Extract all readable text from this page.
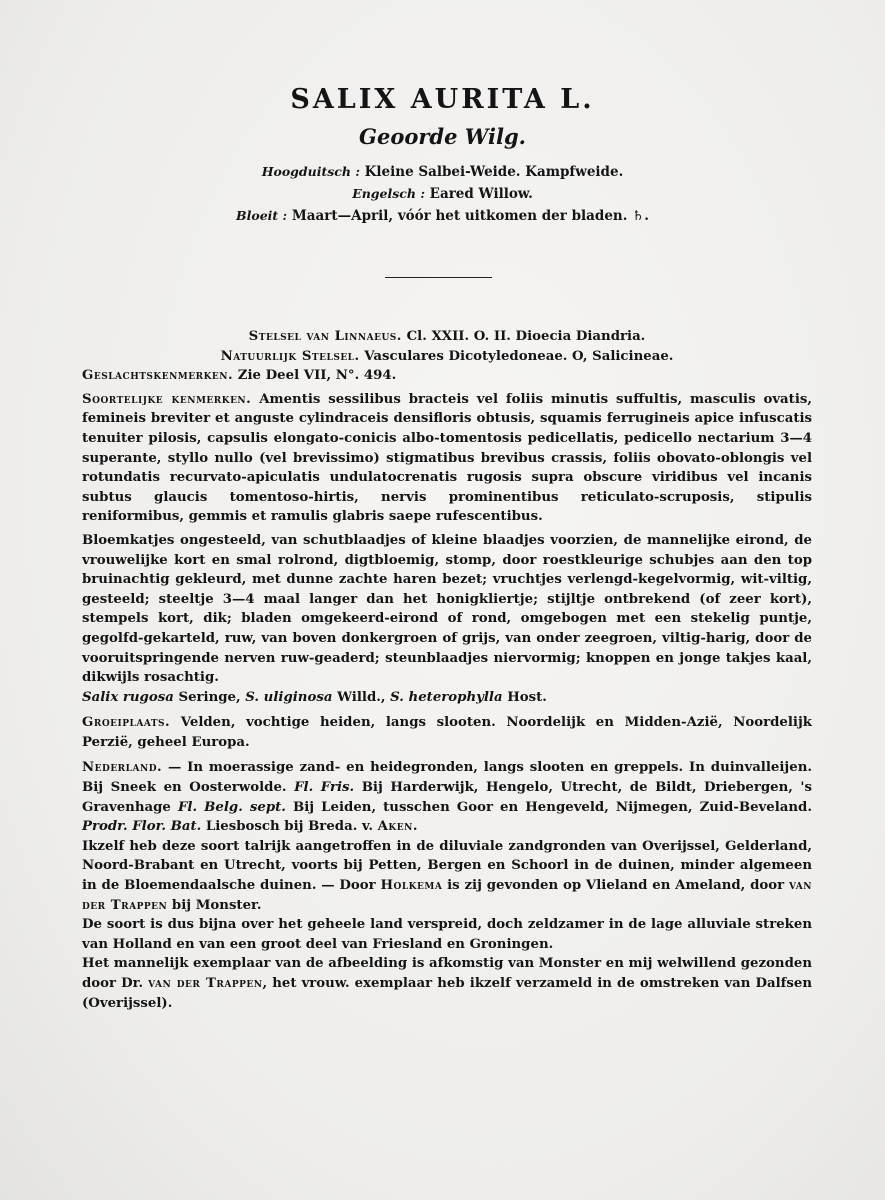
SALIX AURITA L.
Geoorde Wilg.
Hoogduitsch : Kleine Salbei-Weide. Kampfweide.
Engelsch : Eared Willow.
Bloeit : Maart—April, vóór het uitkomen der bladen. ♄.

Stelsel van Linnaeus. Cl. XXII. O. II. Dioecia Diandria.

Natuurlijk Stelsel. Vasculares Dicotyledoneae. O, Salicineae.

Geslachtskenmerken. Zie Deel VII, N°. 494.

Soortelijke kenmerken. Amentis sessilibus bracteis vel foliis minutis suffultis, masculis ovatis, femineis breviter et anguste cylindraceis densifloris obtusis, squamis ferrugineis apice infuscatis tenuiter pilosis, capsulis elongato-conicis albo-tomentosis pedicellatis, pedicello nectarium 3—4 superante, styllo nullo (vel brevissimo) stigmatibus brevibus crassis, foliis obovato-oblongis vel rotundatis recurvato-apiculatis undulatocrenatis rugosis supra obscure viridibus vel incanis subtus glaucis tomentoso-hirtis, nervis prominentibus reticulato-scruposis, stipulis reniformibus, gemmis et ramulis glabris saepe rufescentibus.

Bloemkatjes ongesteeld, van schutblaadjes of kleine blaadjes voorzien, de mannelijke eirond, de vrouwelijke kort en smal rolrond, digtbloemig, stomp, door roestkleurige schubjes aan den top bruinachtig gekleurd, met dunne zachte haren bezet; vruchtjes verlengd-kegelvormig, wit-viltig, gesteeld; steeltje 3—4 maal langer dan het honigkliertje; stijltje ontbrekend (of zeer kort), stempels kort, dik; bladen omgekeerd-eirond of rond, omgebogen met een stekelig puntje, gegolfd-gekarteld, ruw, van boven donkergroen of grijs, van onder zeegroen, viltig-harig, door de vooruitspringende nerven ruw-geaderd; steunblaadjes niervormig; knoppen en jonge takjes kaal, dikwijls rosachtig.

Salix rugosa Seringe, S. uliginosa Willd., S. heterophylla Host.

Groeiplaats. Velden, vochtige heiden, langs slooten. Noordelijk en Midden-Azië, Noordelijk Perzië, geheel Europa.

Nederland. — In moerassige zand- en heidegronden, langs slooten en greppels. In duinvalleijen. Bij Sneek en Oosterwolde. Fl. Fris. Bij Harderwijk, Hengelo, Utrecht, de Bildt, Driebergen, 's Gravenhage Fl. Belg. sept. Bij Leiden, tusschen Goor en Hengeveld, Nijmegen, Zuid-Beveland. Prodr. Flor. Bat. Liesbosch bij Breda. v. Aken.

Ikzelf heb deze soort talrijk aangetroffen in de diluviale zandgronden van Overijssel, Gelderland, Noord-Brabant en Utrecht, voorts bij Petten, Bergen en Schoorl in de duinen, minder algemeen in de Bloemendaalsche duinen. — Door Holkema is zij gevonden op Vlieland en Ameland, door van der Trappen bij Monster.

De soort is dus bijna over het geheele land verspreid, doch zeldzamer in de lage alluviale streken van Holland en van een groot deel van Friesland en Groningen.

Het mannelijk exemplaar van de afbeelding is afkomstig van Monster en mij welwillend gezonden door Dr. van der Trappen, het vrouw. exemplaar heb ikzelf verzameld in de omstreken van Dalfsen (Overijssel).
